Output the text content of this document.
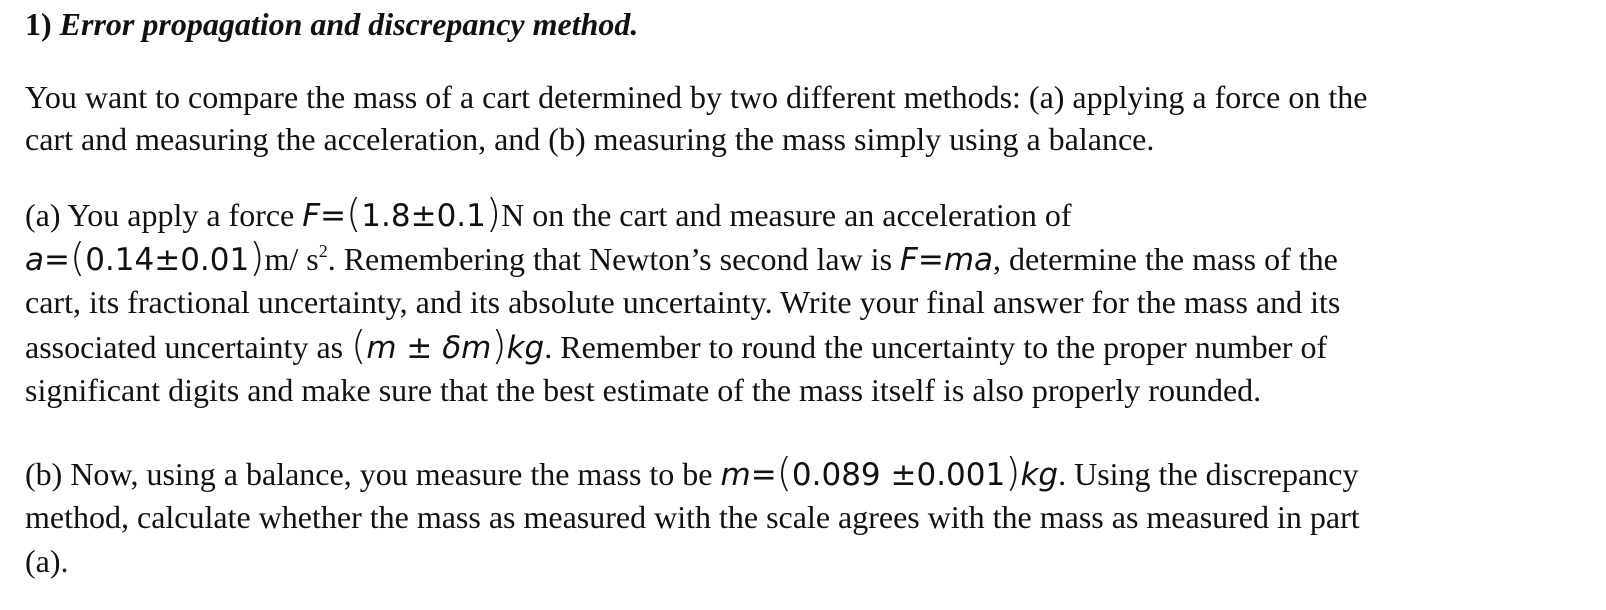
1) Error propagation and discrepancy method.
You want to compare the mass of a cart determined by two different methods: (a) applying a force on the
cart and measuring the acceleration, and (b) measuring the mass simply using a balance.
(a) You apply a force F=(1.8±0.1)N on the cart and measure an acceleration of
a=(0.14±0.01)m/ $s^2$. Remembering that Newton’s second law is F=ma, determine the mass of the
cart, its fractional uncertainty, and its absolute uncertainty. Write your final answer for the mass and its
associated uncertainty as (m ± δm)kg. Remember to round the uncertainty to the proper number of
significant digits and make sure that the best estimate of the mass itself is also properly rounded.
(b) Now, using a balance, you measure the mass to be m=(0.089 ±0.001)kg. Using the discrepancy
method, calculate whether the mass as measured with the scale agrees with the mass as measured in part
(a).
